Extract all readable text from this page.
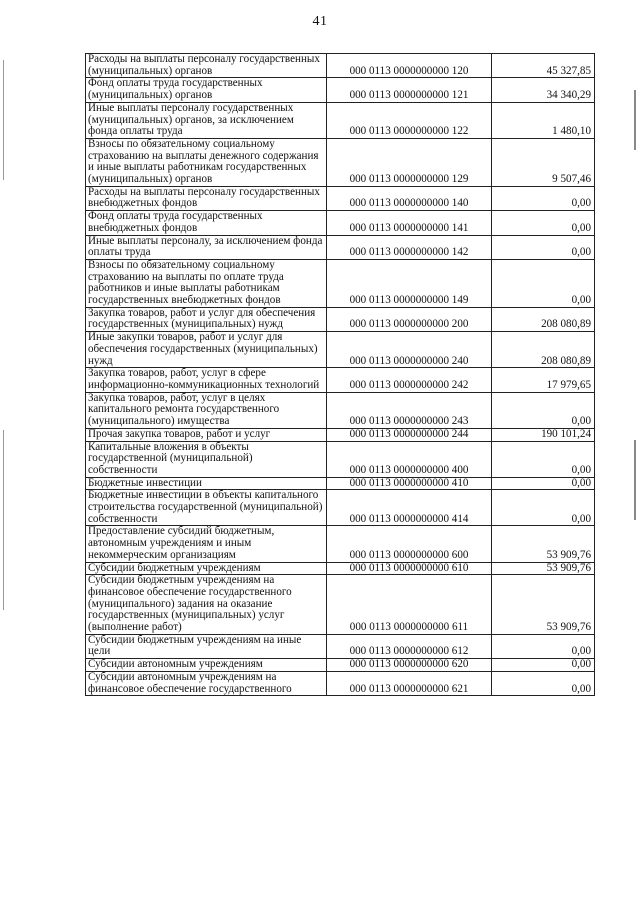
41
Расходы на выплаты персоналу государственных (муниципальных) органов	000 0113 0000000000 120	45 327,85
Фонд оплаты труда государственных (муниципальных) органов	000 0113 0000000000 121	34 340,29
Иные выплаты персоналу государственных (муниципальных) органов, за исключением фонда оплаты труда	000 0113 0000000000 122	1 480,10
Взносы по обязательному социальному страхованию на выплаты денежного содержания и иные выплаты работникам государственных (муниципальных) органов	000 0113 0000000000 129	9 507,46
Расходы на выплаты персоналу государственных внебюджетных фондов	000 0113 0000000000 140	0,00
Фонд оплаты труда государственных внебюджетных фондов	000 0113 0000000000 141	0,00
Иные выплаты персоналу, за исключением фонда оплаты труда	000 0113 0000000000 142	0,00
Взносы по обязательному социальному страхованию на выплаты по оплате труда работников и иные выплаты работникам государственных внебюджетных фондов	000 0113 0000000000 149	0,00
Закупка товаров, работ и услуг для обеспечения государственных (муниципальных) нужд	000 0113 0000000000 200	208 080,89
Иные закупки товаров, работ и услуг для обеспечения государственных (муниципальных) нужд	000 0113 0000000000 240	208 080,89
Закупка товаров, работ, услуг в сфере информационно-коммуникационных технологий	000 0113 0000000000 242	17 979,65
Закупка товаров, работ, услуг в целях капитального ремонта государственного (муниципального) имущества	000 0113 0000000000 243	0,00
Прочая закупка товаров, работ и услуг	000 0113 0000000000 244	190 101,24
Капитальные вложения в объекты государственной (муниципальной) собственности	000 0113 0000000000 400	0,00
Бюджетные инвестиции	000 0113 0000000000 410	0,00
Бюджетные инвестиции в объекты капитального строительства государственной (муниципальной) собственности	000 0113 0000000000 414	0,00
Предоставление субсидий бюджетным, автономным учреждениям и иным некоммерческим организациям	000 0113 0000000000 600	53 909,76
Субсидии бюджетным учреждениям	000 0113 0000000000 610	53 909,76
Субсидии бюджетным учреждениям на финансовое обеспечение государственного (муниципального) задания на оказание государственных (муниципальных) услуг (выполнение работ)	000 0113 0000000000 611	53 909,76
Субсидии бюджетным учреждениям на иные цели	000 0113 0000000000 612	0,00
Субсидии автономным учреждениям	000 0113 0000000000 620	0,00
Субсидии автономным учреждениям на финансовое обеспечение государственного	000 0113 0000000000 621	0,00
